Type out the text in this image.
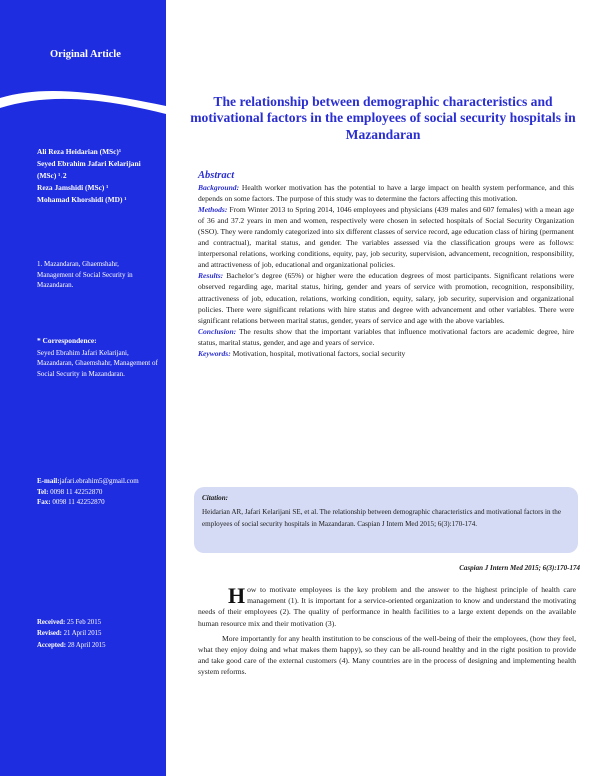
Original Article
Ali Reza Heidarian (MSc)¹
Seyed Ebrahim Jafari Kelarijani
(MSc) ¹˒2
Reza Jamshidi (MSc) ¹
Mohamad Khorshidi (MD) ¹
1. Mazandaran, Ghaemshahr, Management of Social Security in Mazandaran.
* Correspondence:
Seyed Ebrahim Jafari Kelarijani, Mazandaran, Ghaemshahr, Management of Social Security in Mazandaran.
E-mail:jafari.ebrahim5@gmail.com
Tel: 0098 11 42252870
Fax: 0098 11 42252870
Received: 25 Feb 2015
Revised: 21 April 2015
Accepted: 28 April 2015
The relationship between demographic characteristics and motivational factors in the employees of social security hospitals in Mazandaran
Abstract

Background: Health worker motivation has the potential to have a large impact on health system performance, and this depends on some factors. The purpose of this study was to determine the factors affecting this motivation.

Methods: From Winter 2013 to Spring 2014, 1046 employees and physicians (439 males and 607 females) with a mean age of 36 and 37.2 years in men and women, respectively were chosen in selected hospitals of Social Security Organization (SSO). They were randomly categorized into six different classes of service record, age education class of hiring (permanent and contractual), marital status, and gender. The variables assessed via the classification groups were as follows: interpersonal relations, working conditions, equity, pay, job security, supervision, advancement, recognition, responsibility, and attractiveness of job, educational and organizational policies.

Results: Bachelor’s degree (65%) or higher were the education degrees of most participants. Significant relations were observed regarding age, marital status, hiring, gender and years of service with promotion, recognition, responsibility, attractiveness of job, education, relations, working condition, equity, salary, job security, supervision and organizational policies. There were significant relations with hire status and degree with advancement and other variables. There were significant relations between marital status, gender, years of service and age with the above variables.

Conclusion: The results show that the important variables that influence motivational factors are academic degree, hire status, marital status, gender, and age and years of service.

Keywords: Motivation, hospital, motivational factors, social security

Citation:
Heidarian AR, Jafari Kelarijani SE, et al. The relationship between demographic characteristics and motivational factors in the employees of social security hospitals in Mazandaran. Caspian J Intern Med 2015; 6(3):170-174.
Caspian J Intern Med 2015; 6(3):170-174

How to motivate employees is the key problem and the answer to the highest principle of health care management (1). It is important for a service-oriented organization to know and understand the motivating needs of their employees (2). The quality of performance in health facilities to a large extent depends on the available human resource mix and their motivation (3).

More importantly for any health institution to be conscious of the well-being of their the employees, (how they feel, what they enjoy doing and what makes them happy), so they can be all-round healthy and in the right position to provide and take good care of the external customers (4). Many countries are in the process of designing and implementing health system reforms.
